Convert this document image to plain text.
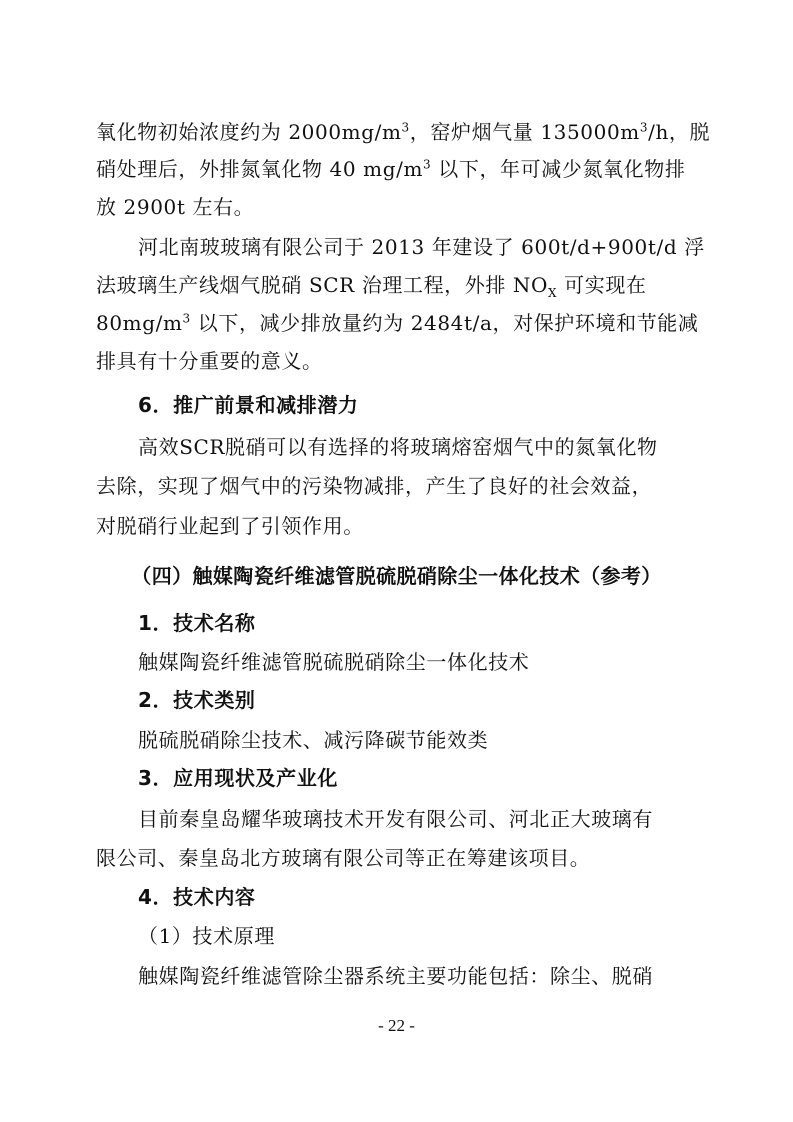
氧化物初始浓度约为 $2000mg/m^3$，窑炉烟气量 $135000m^3/h$，脱
硝处理后，外排氮氧化物 40 $mg/m^3$ 以下，年可减少氮氧化物排
放 2900t 左右。
河北南玻玻璃有限公司于 2013 年建设了 600t/d+900t/d 浮
法玻璃生产线烟气脱硝 SCR 治理工程，外排 $NO_X$ 可实现在
$80mg/m^3$ 以下，减少排放量约为 2484t/a，对保护环境和节能减
排具有十分重要的意义。
6．推广前景和减排潜力
高效SCR脱硝可以有选择的将玻璃熔窑烟气中的氮氧化物
去除，实现了烟气中的污染物减排，产生了良好的社会效益，
对脱硝行业起到了引领作用。
（四）触媒陶瓷纤维滤管脱硫脱硝除尘一体化技术（参考）
1．技术名称
触媒陶瓷纤维滤管脱硫脱硝除尘一体化技术
2．技术类别
脱硫脱硝除尘技术、减污降碳节能效类
3．应用现状及产业化
目前秦皇岛耀华玻璃技术开发有限公司、河北正大玻璃有
限公司、秦皇岛北方玻璃有限公司等正在筹建该项目。
4．技术内容
（1）技术原理
触媒陶瓷纤维滤管除尘器系统主要功能包括：除尘、脱硝
- 22 -
